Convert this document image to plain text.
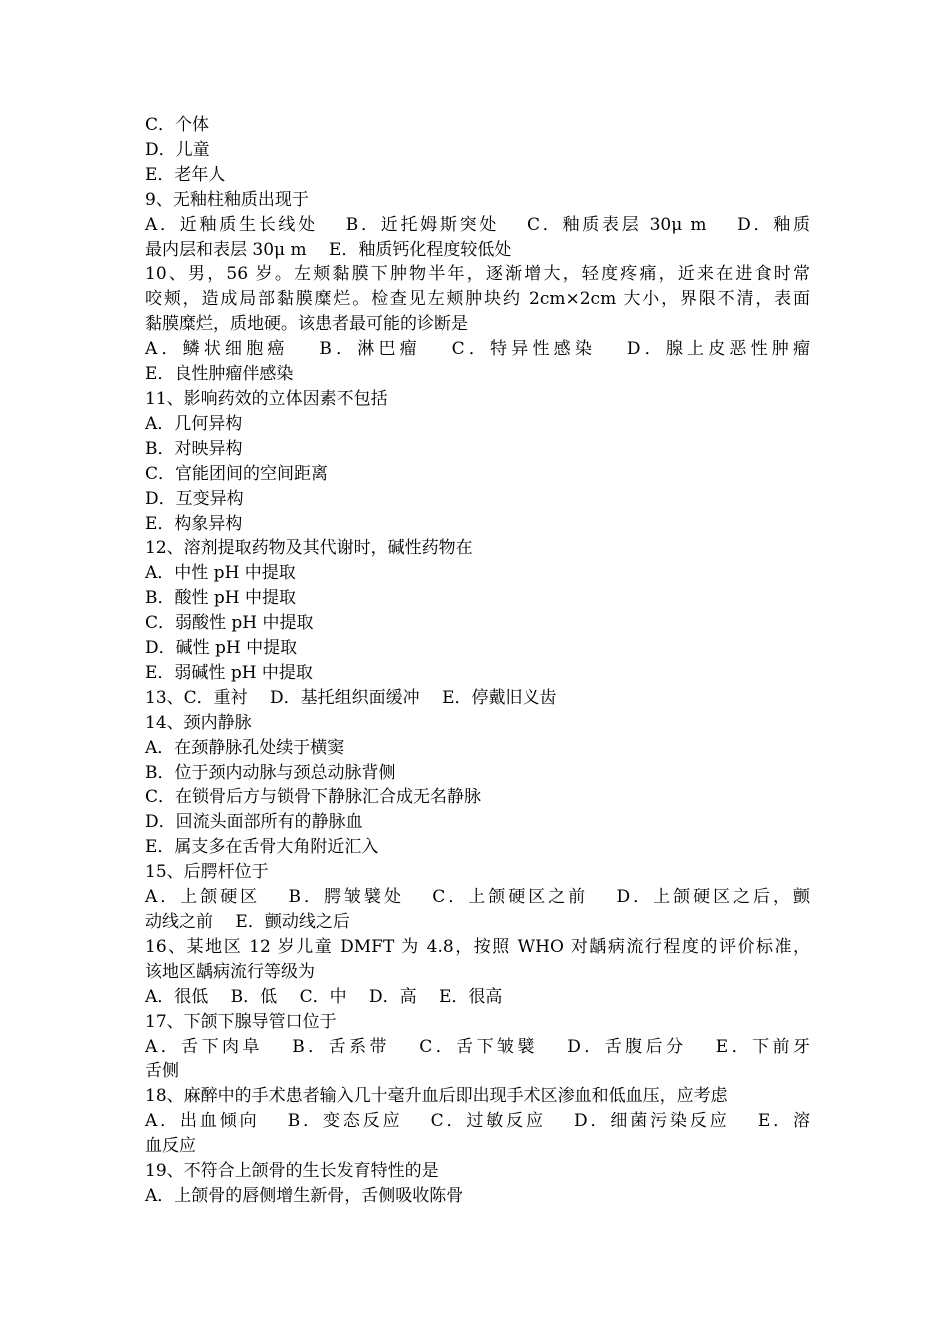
C．个体

D．儿童

E．老年人

9、无釉柱釉质出现于

A．近釉质生长线处　 B．近托姆斯突处　 C．釉质表层 30μ m　 D．釉质

最内层和表层 30μ m　 E．釉质钙化程度较低处

10、男，56 岁。左颊黏膜下肿物半年，逐渐增大，轻度疼痛，近来在进食时常

咬颊，造成局部黏膜糜烂。检查见左颊肿块约 2cm×2cm 大小，界限不清，表面

黏膜糜烂，质地硬。该患者最可能的诊断是

A．鳞状细胞癌　 B．淋巴瘤　 C．特异性感染　 D．腺上皮恶性肿瘤

E．良性肿瘤伴感染

11、影响药效的立体因素不包括

A．几何异构

B．对映异构

C．官能团间的空间距离

D．互变异构

E．构象异构

12、溶剂提取药物及其代谢时，碱性药物在

A．中性 pH 中提取

B．酸性 pH 中提取

C．弱酸性 pH 中提取

D．碱性 pH 中提取

E．弱碱性 pH 中提取

13、C．重衬　 D．基托组织面缓冲　 E．停戴旧义齿

14、颈内静脉

A．在颈静脉孔处续于横窦

B．位于颈内动脉与颈总动脉背侧

C．在锁骨后方与锁骨下静脉汇合成无名静脉

D．回流头面部所有的静脉血

E．属支多在舌骨大角附近汇入

15、后腭杆位于

A．上颌硬区　 B．腭皱襞处　 C．上颌硬区之前　 D．上颌硬区之后，颤

动线之前　 E．颤动线之后

16、某地区 12 岁儿童 DMFT 为 4.8，按照 WHO 对龋病流行程度的评价标准，

该地区龋病流行等级为

A．很低　 B．低　 C．中　 D．高　 E．很高

17、下颌下腺导管口位于

A．舌下肉阜　 B．舌系带　 C．舌下皱襞　 D．舌腹后分　 E．下前牙

舌侧

18、麻醉中的手术患者输入几十毫升血后即出现手术区渗血和低血压，应考虑

A．出血倾向　 B．变态反应　 C．过敏反应　 D．细菌污染反应　 E．溶

血反应

19、不符合上颌骨的生长发育特性的是

A．上颌骨的唇侧增生新骨，舌侧吸收陈骨
